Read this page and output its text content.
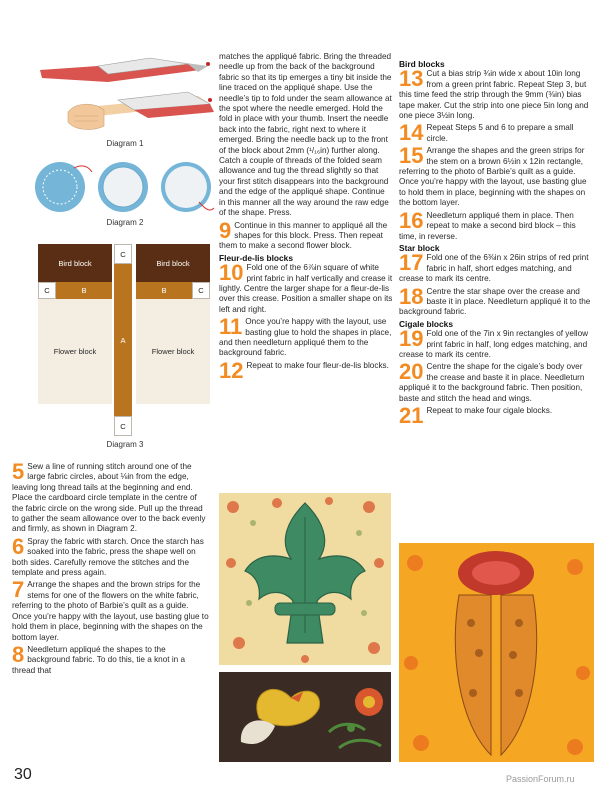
Diagram 1
Diagram 2
Bird block
C	B
Flower block
C
A
C
Bird block
B	C
Flower block
Diagram 3
5 Sew a line of running stitch around one of the large fabric circles, about ⅛in from the edge, leaving long thread tails at the beginning and end. Place the cardboard circle template in the centre of the fabric circle on the wrong side. Pull up the thread to gather the seam allowance over to the back evenly and firmly, as shown in Diagram 2.
6 Spray the fabric with starch. Once the starch has soaked into the fabric, press the shape well on both sides. Carefully remove the stitches and the template and press again.
7 Arrange the shapes and the brown strips for the stems for one of the flowers on the white fabric, referring to the photo of Barbie’s quilt as a guide. Once you’re happy with the layout, use basting glue to hold them in place, beginning with the shapes on the bottom layer.
8 Needleturn appliqué the shapes to the background fabric. To do this, tie a knot in a thread that
matches the appliqué fabric. Bring the threaded needle up from the back of the background fabric so that its tip emerges a tiny bit inside the line traced on the appliqué shape. Use the needle’s tip to fold under the seam allowance at the spot where the needle emerged. Hold the fold in place with your thumb. Insert the needle back into the fabric, right next to where it emerged. Bring the needle back up to the front of the block about 2mm (¹/₁₆in) further along. Catch a couple of threads of the folded seam allowance and tug the thread slightly so that your first stitch disappears into the background and the edge of the appliqué shape. Continue in this manner all the way around the raw edge of the shape. Press.
9 Continue in this manner to appliqué all the shapes for this block. Press. Then repeat them to make a second flower block.
Fleur-de-lis blocks
10 Fold one of the 6⅞in square of white print fabric in half vertically and crease it lightly. Centre the larger shape for a fleur-de-lis over this crease. Position a smaller shape on its left and right.
11 Once you’re happy with the layout, use basting glue to hold the shapes in place, and then needleturn appliqué them to the background fabric.
12 Repeat to make four fleur-de-lis blocks.
Bird blocks
13 Cut a bias strip ¾in wide x about 10in long from a green print fabric. Repeat Step 3, but this time feed the strip through the 9mm (⅜in) bias tape maker. Cut the strip into one piece 5in long and one piece 3½in long.
14 Repeat Steps 5 and 6 to prepare a small circle.
15 Arrange the shapes and the green strips for the stem on a brown 6½in x 12in rectangle, referring to the photo of Barbie’s quilt as a guide. Once you’re happy with the layout, use basting glue to hold them in place, beginning with the shapes on the bottom layer.
16 Needleturn appliqué them in place. Then repeat to make a second bird block – this time, in reverse.
Star block
17 Fold one of the 6⅜in x 26in strips of red print fabric in half, short edges matching, and crease to mark its centre.
18 Centre the star shape over the crease and baste it in place. Needleturn appliqué it to the background fabric.
Cigale blocks
19 Fold one of the 7in x 9in rectangles of yellow print fabric in half, long edges matching, and crease to mark its centre.
20 Centre the shape for the cigale’s body over the crease and baste it in place. Needleturn appliqué it to the background fabric. Then position, baste and stitch the head and wings.
21 Repeat to make four cigale blocks.
30	PassionForum.ru
